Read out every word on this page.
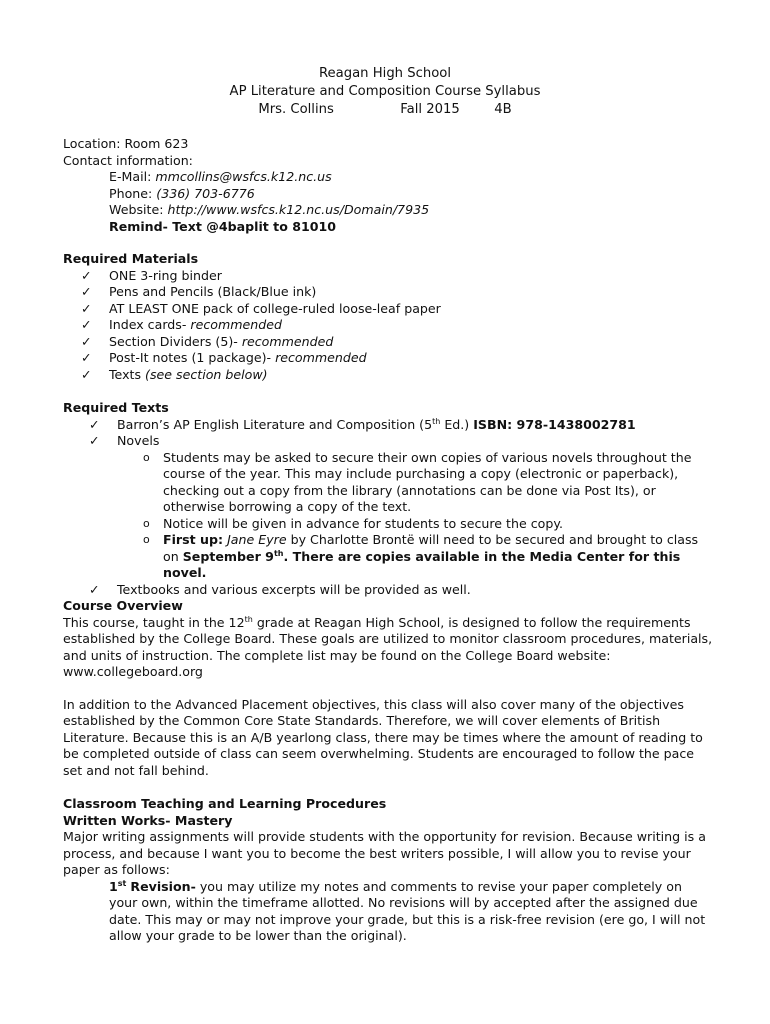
Reagan High School
AP Literature and Composition Course Syllabus
Mrs. Collins	Fall 2015	4B
Location: Room 623
Contact information:
E-Mail: mmcollins@wsfcs.k12.nc.us
Phone: (336) 703-6776
Website: http://www.wsfcs.k12.nc.us/Domain/7935
Remind- Text @4baplit to 81010
Required Materials
✓ ONE 3-ring binder
✓ Pens and Pencils (Black/Blue ink)
✓ AT LEAST ONE pack of college-ruled loose-leaf paper
✓ Index cards- recommended
✓ Section Dividers (5)- recommended
✓ Post-It notes (1 package)- recommended
✓ Texts (see section below)
Required Texts
✓ Barron’s AP English Literature and Composition (5th Ed.) ISBN: 978-1438002781
✓ Novels
o Students may be asked to secure their own copies of various novels throughout the course of the year. This may include purchasing a copy (electronic or paperback), checking out a copy from the library (annotations can be done via Post Its), or otherwise borrowing a copy of the text.
o Notice will be given in advance for students to secure the copy.
o First up: Jane Eyre by Charlotte Brontë will need to be secured and brought to class on September 9th. There are copies available in the Media Center for this novel.
✓ Textbooks and various excerpts will be provided as well.
Course Overview
This course, taught in the 12th grade at Reagan High School, is designed to follow the requirements established by the College Board. These goals are utilized to monitor classroom procedures, materials, and units of instruction. The complete list may be found on the College Board website: www.collegeboard.org
In addition to the Advanced Placement objectives, this class will also cover many of the objectives established by the Common Core State Standards. Therefore, we will cover elements of British Literature. Because this is an A/B yearlong class, there may be times where the amount of reading to be completed outside of class can seem overwhelming. Students are encouraged to follow the pace set and not fall behind.
Classroom Teaching and Learning Procedures
Written Works- Mastery
Major writing assignments will provide students with the opportunity for revision. Because writing is a process, and because I want you to become the best writers possible, I will allow you to revise your paper as follows:
1st Revision- you may utilize my notes and comments to revise your paper completely on your own, within the timeframe allotted. No revisions will by accepted after the assigned due date. This may or may not improve your grade, but this is a risk-free revision (ere go, I will not allow your grade to be lower than the original).
